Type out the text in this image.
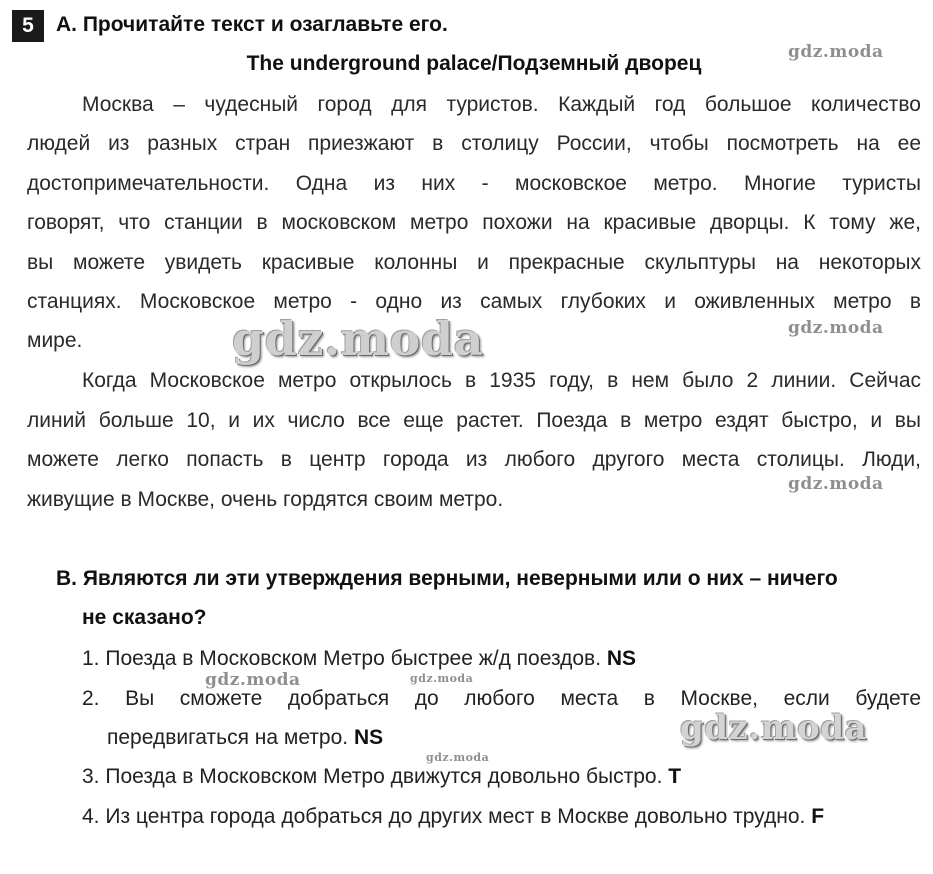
5	A. Прочитайте текст и озаглавьте его.
The underground palace/Подземный дворец
Москва – чудесный город для туристов. Каждый год большое количество
людей из разных стран приезжают в столицу России, чтобы посмотреть на ее
достопримечательности. Одна из них - московское метро. Многие туристы
говорят, что станции в московском метро похожи на красивые дворцы. К тому же,
вы можете увидеть красивые колонны и прекрасные скульптуры на некоторых
станциях. Московское метро - одно из самых глубоких и оживленных метро в
мире.
Когда Московское метро открылось в 1935 году, в нем было 2 линии. Сейчас
линий больше 10, и их число все еще растет. Поезда в метро ездят быстро, и вы
можете легко попасть в центр города из любого другого места столицы. Люди,
живущие в Москве, очень гордятся своим метро.
B. Являются ли эти утверждения верными, неверными или о них – ничего
не сказано?
1. Поезда в Московском Метро быстрее ж/д поездов. NS
2. Вы сможете добраться до любого места в Москве, если будете
передвигаться на метро. NS
3. Поезда в Московском Метро движутся довольно быстро. T
4. Из центра города добраться до других мест в Москве довольно трудно. F
gdz.moda
gdz.moda
gdz.moda
gdz.moda
gdz.moda	gdz.moda
gdz.moda
gdz.moda
